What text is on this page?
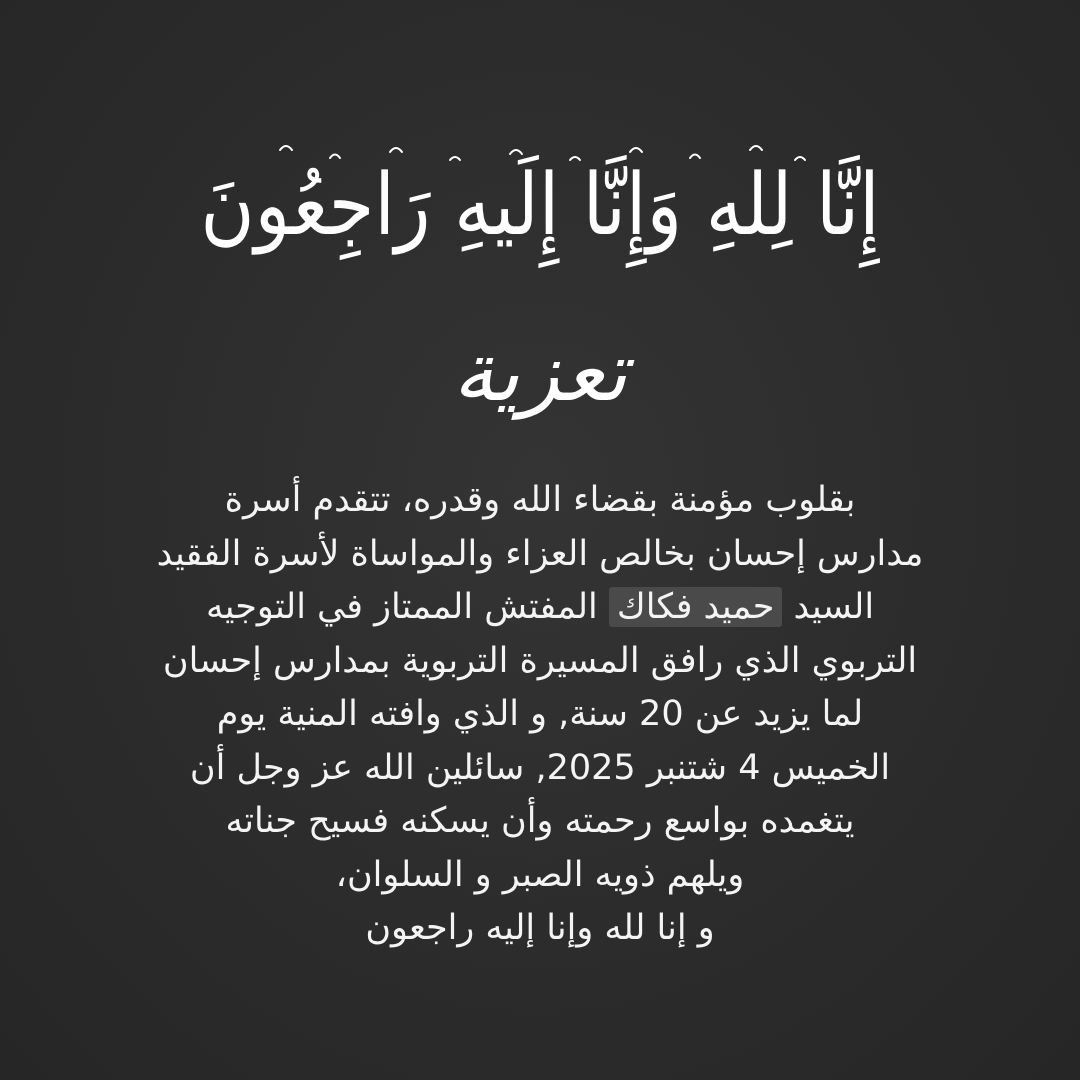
إِنَّا لِلهِ وَإِنَّا إِلَيهِ رَاجِعُونَ
تعزية
بقلوب مؤمنة بقضاء الله وقدره، تتقدم أسرة
مدارس إحسان بخالص العزاء والمواساة لأسرة الفقيد
السيد حميد فكاك المفتش الممتاز في التوجيه
التربوي الذي رافق المسيرة التربوية بمدارس إحسان
لما يزيد عن 20 سنة, و الذي وافته المنية يوم
الخميس 4 شتنبر 2025, سائلين الله عز وجل أن
يتغمده بواسع رحمته وأن يسكنه فسيح جناته
ويلهم ذويه الصبر و السلوان،
و إنا لله وإنا إليه راجعون
